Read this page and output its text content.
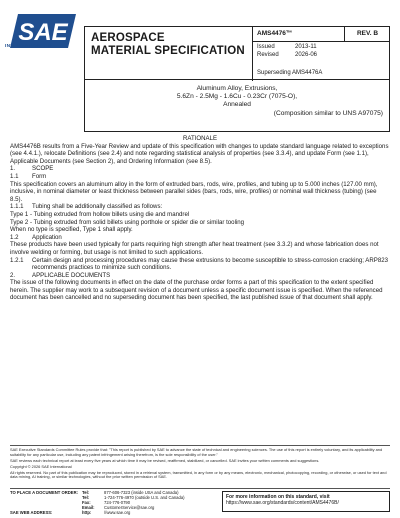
SAE
INTERNATIONAL®
AEROSPACE
MATERIAL SPECIFICATION
AMS4476™	REV. B
Issued	2013-11
Revised	2026-06
Superseding AMS4476A
Aluminum Alloy, Extrusions,
5.6Zn - 2.5Mg - 1.6Cu - 0.23Cr (7075-O),
Annealed
(Composition similar to UNS A97075)

RATIONALE

AMS4476B results from a Five-Year Review and update of this specification with changes to update standard language related to exceptions (see 4.4.1.), relocate Definitions (see 2.4) and note regarding statistical analysis of properties (see 3.3.4), and update Form (see 1.1), Applicable Documents (see Section 2), and Ordering Information (see 8.5).

1.	SCOPE

1.1 Form

This specification covers an aluminum alloy in the form of extruded bars, rods, wire, profiles, and tubing up to 5.000 inches (127.00 mm), inclusive, in nominal diameter or least thickness between parallel sides (bars, rods, wire, profiles) or nominal wall thickness (tubing) (see 8.5).

1.1.1 Tubing shall be additionally classified as follows:

Type 1 - Tubing extruded from hollow billets using die and mandrel

Type 2 - Tubing extruded from solid billets using porthole or spider die or similar tooling

When no type is specified, Type 1 shall apply.

1.2 Application

These products have been used typically for parts requiring high strength after heat treatment (see 3.3.2) and whose fabrication does not involve welding or forming, but usage is not limited to such applications.

1.2.1 Certain design and processing procedures may cause these extrusions to become susceptible to stress-corrosion cracking; ARP823 recommends practices to minimize such conditions.

2.	APPLICABLE DOCUMENTS

The issue of the following documents in effect on the date of the purchase order forms a part of this specification to the extent specified herein. The supplier may work to a subsequent revision of a document unless a specific document issue is specified. When the referenced document has been cancelled and no superseding document has been specified, the last published issue of that document shall apply.

SAE Executive Standards Committee Rules provide that: "This report is published by SAE to advance the state of technical and engineering sciences. The use of this report is entirely voluntary, and its applicability and suitability for any particular use, including any patent infringement arising therefrom, is the sole responsibility of the user."

SAE reviews each technical report at least every five years at which time it may be revised, reaffirmed, stabilized, or cancelled. SAE invites your written comments and suggestions.

Copyright © 2026 SAE International

All rights reserved. No part of this publication may be reproduced, stored in a retrieval system, transmitted, in any form or by any means, electronic, mechanical, photocopying, recording, or otherwise, or used for text and data mining, AI training, or similar technologies, without the prior written permission of SAE.

TO PLACE A DOCUMENT ORDER:
SAE WEB ADDRESS:
Tel:	877-606-7323 (inside USA and Canada)
Tel:	1-724-776-4970 (outside U.S. and Canada)
Fax:	724-776-0790
Email:	CustomerService@sae.org
http:	//www.sae.org
For more information on this standard, visit
https://www.sae.org/standards/content/AMS4476B/
